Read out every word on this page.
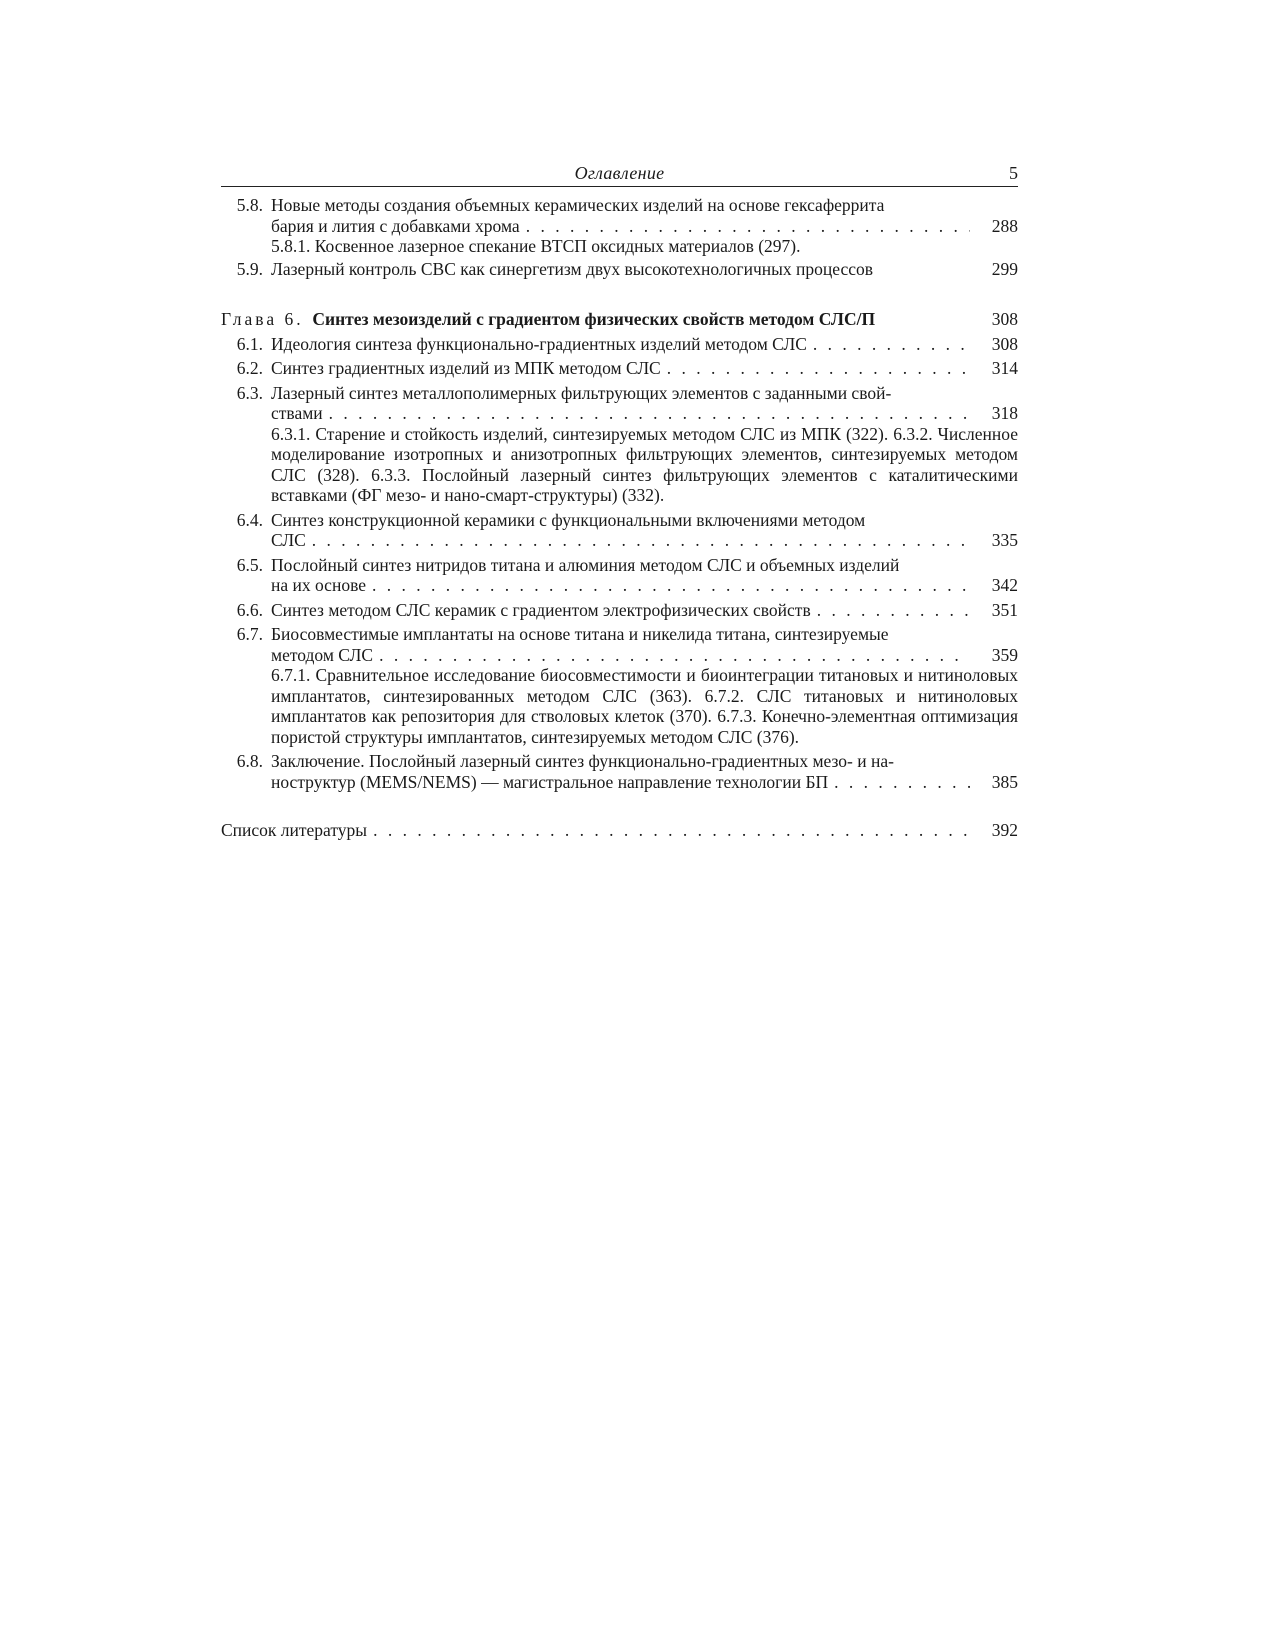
Оглавление	5
5.8. Новые методы создания объемных керамических изделий на основе гексаферрита
бария и лития с добавками хрома . . .	288
5.8.1. Косвенное лазерное спекание ВТСП оксидных материалов (297).
5.9. Лазерный контроль СВС как синергетизм двух высокотехнологичных процессов	299
Глава 6. Синтез мезоизделий с градиентом физических свойств методом СЛС/П	308
6.1. Идеология синтеза функционально-градиентных изделий методом СЛС . . .	308
6.2. Синтез градиентных изделий из МПК методом СЛС . . .	314
6.3. Лазерный синтез металлополимерных фильтрующих элементов с заданными свой-
ствами . . .	318
6.3.1. Старение и стойкость изделий, синтезируемых методом СЛС из МПК (322). 6.3.2. Численное моделирование изотропных и анизотропных фильтрующих элементов, синтезируемых методом СЛС (328). 6.3.3. Послойный лазерный синтез фильтрующих элементов с каталитическими вставками (ФГ мезо- и нано-смарт-структуры) (332).
6.4. Синтез конструкционной керамики с функциональными включениями методом
СЛС . . .	335
6.5. Послойный синтез нитридов титана и алюминия методом СЛС и объемных изделий
на их основе . . .	342
6.6. Синтез методом СЛС керамик с градиентом электрофизических свойств . . .	351
6.7. Биосовместимые имплантаты на основе титана и никелида титана, синтезируемые
методом СЛС . . .	359
6.7.1. Сравнительное исследование биосовместимости и биоинтеграции титановых и нитиноловых имплантатов, синтезированных методом СЛС (363). 6.7.2. СЛС титановых и нитиноловых имплантатов как репозитория для стволовых клеток (370). 6.7.3. Конечно-элементная оптимизация пористой структуры имплантатов, синтезируемых методом СЛС (376).
6.8. Заключение. Послойный лазерный синтез функционально-градиентных мезо- и на-
ноструктур (MEMS/NEMS) — магистральное направление технологии БП . . .	385
Список литературы . . .	392
